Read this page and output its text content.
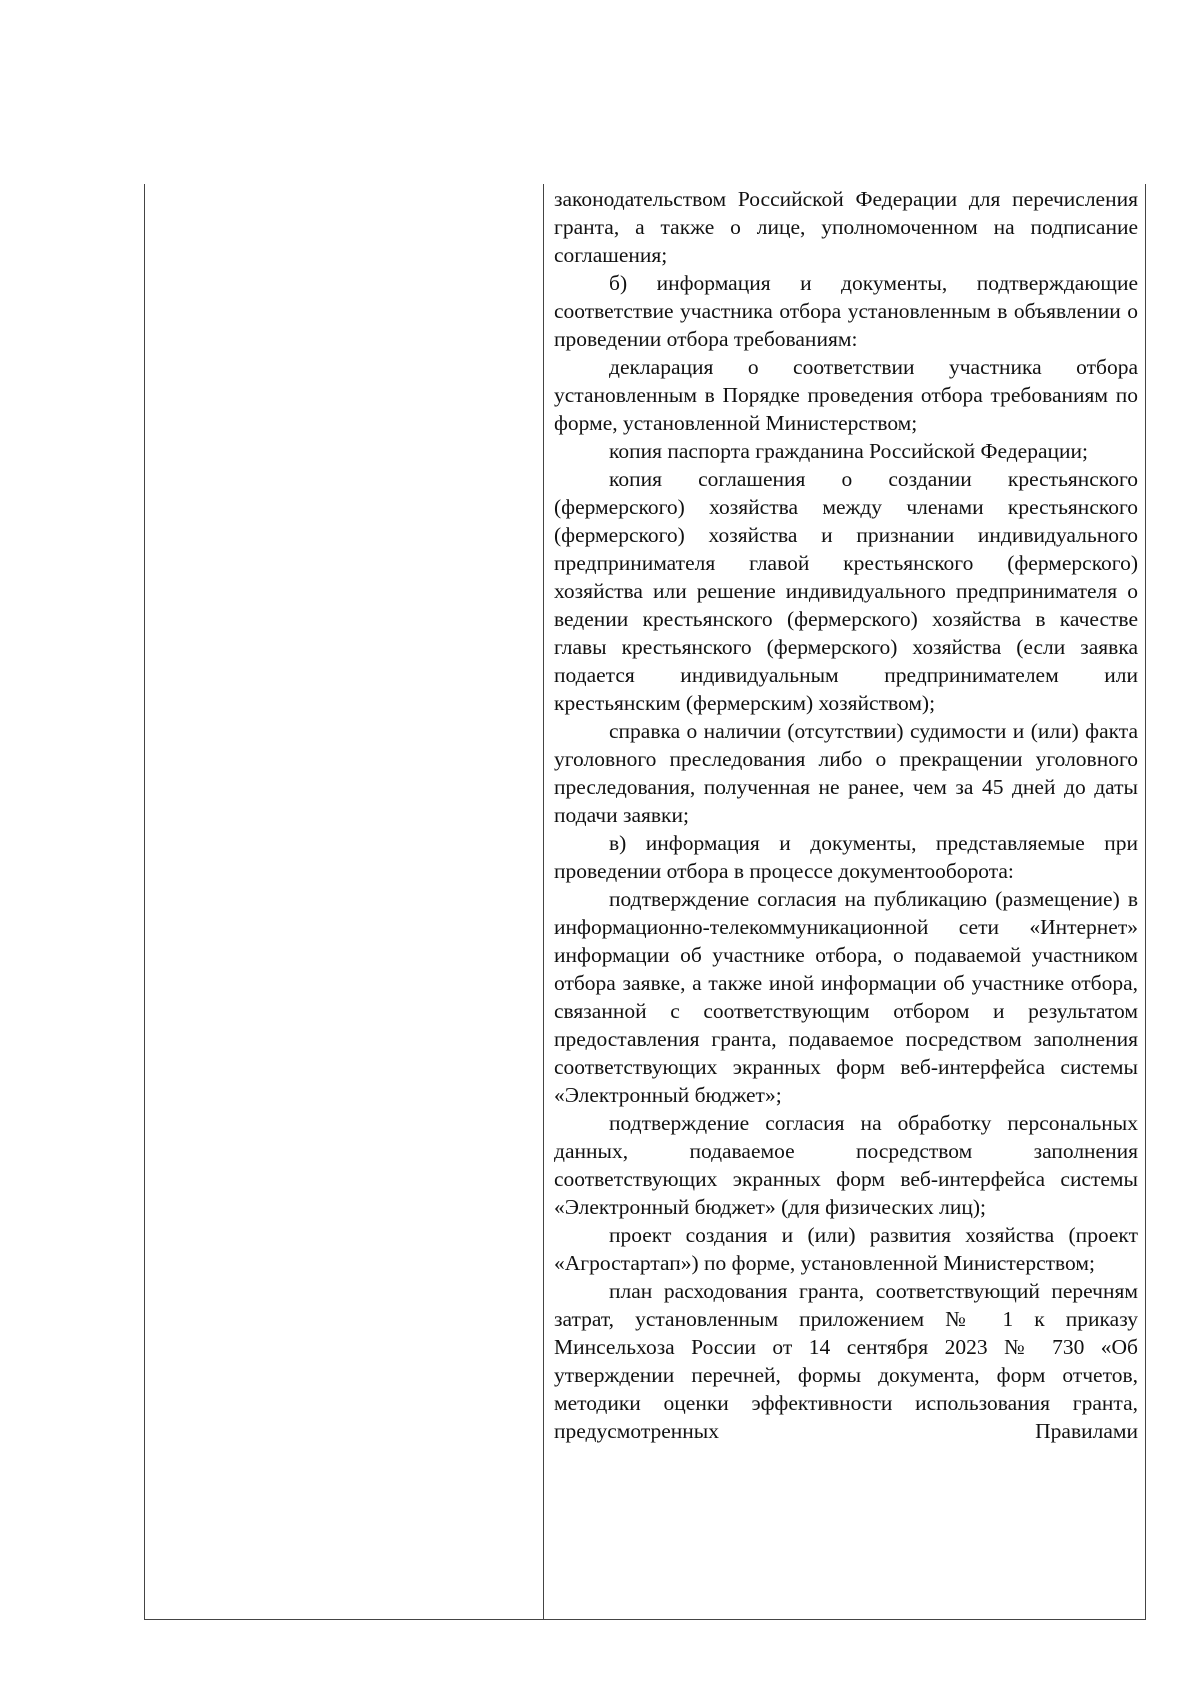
законодательством Российской Федерации для перечисления гранта, а также о лице, уполномоченном на подписание соглашения;

б) информация и документы, подтверждающие соответствие участника отбора установленным в объявлении о проведении отбора требованиям:

декларация о соответствии участника отбора установленным в Порядке проведения отбора требованиям по форме, установленной Министерством;

копия паспорта гражданина Российской Федерации;

копия соглашения о создании крестьянского (фермерского) хозяйства между членами крестьянского (фермерского) хозяйства и признании индивидуального предпринимателя главой крестьянского (фермерского) хозяйства или решение индивидуального предпринимателя о ведении крестьянского (фермерского) хозяйства в качестве главы крестьянского (фермерского) хозяйства (если заявка подается индивидуальным предпринимателем или крестьянским (фермерским) хозяйством);

справка о наличии (отсутствии) судимости и (или) факта уголовного преследования либо о прекращении уголовного преследования, полученная не ранее, чем за 45 дней до даты подачи заявки;

в) информация и документы, представляемые при проведении отбора в процессе документооборота:

подтверждение согласия на публикацию (размещение) в информационно-телекоммуникационной сети «Интернет» информации об участнике отбора, о подаваемой участником отбора заявке, а также иной информации об участнике отбора, связанной с соответствующим отбором и результатом предоставления гранта, подаваемое посредством заполнения соответствующих экранных форм веб-интерфейса системы «Электронный бюджет»;

подтверждение согласия на обработку персональных данных, подаваемое посредством заполнения соответствующих экранных форм веб-интерфейса системы «Электронный бюджет» (для физических лиц);

проект создания и (или) развития хозяйства (проект «Агростартап») по форме, установленной Министерством;

план расходования гранта, соответствующий перечням затрат, установленным приложением № 1 к приказу Минсельхоза России от 14 сентября 2023 № 730 «Об утверждении перечней, формы документа, форм отчетов, методики оценки эффективности использования гранта, предусмотренных Правилами
